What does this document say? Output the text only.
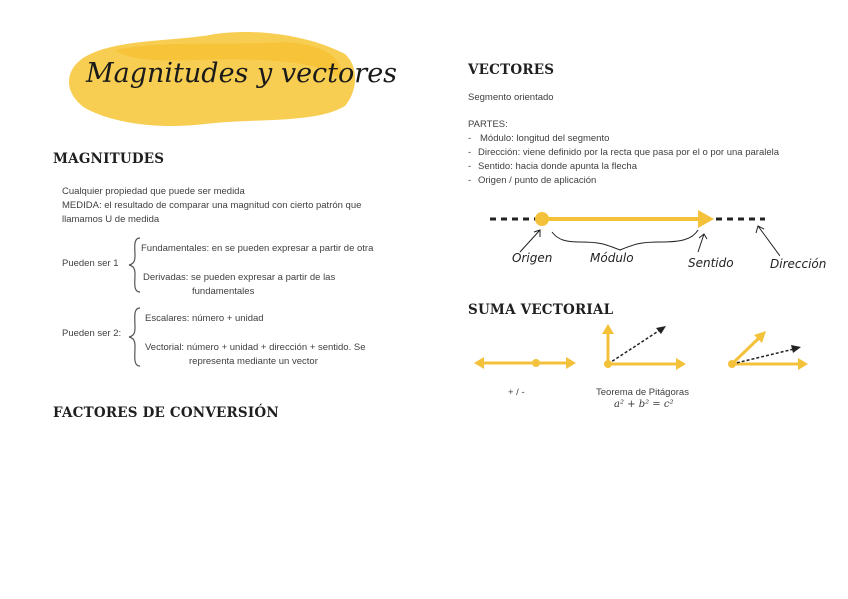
Magnitudes y vectores
MAGNITUDES
Cualquier propiedad que puede ser medida
MEDIDA: el resultado de comparar una magnitud con cierto patrón que
llamamos U de medida
Pueden ser 1
Fundamentales: en se pueden expresar a partir de otra
Derivadas: se pueden expresar a partir de las
fundamentales
Pueden ser 2:
Escalares: número + unidad
Vectorial: número + unidad + dirección + sentido. Se
representa mediante un vector
FACTORES DE CONVERSIÓN
VECTORES
Segmento orientado
PARTES:
- Módulo: longitud del segmento
- Dirección: viene definido por la recta que pasa por el o por una paralela
- Sentido: hacia donde apunta la flecha
- Origen / punto de aplicación
Origen	Módulo	Sentido	Dirección
SUMA VECTORIAL
+ / -	Teorema de Pitágoras
a² + b² = c²
